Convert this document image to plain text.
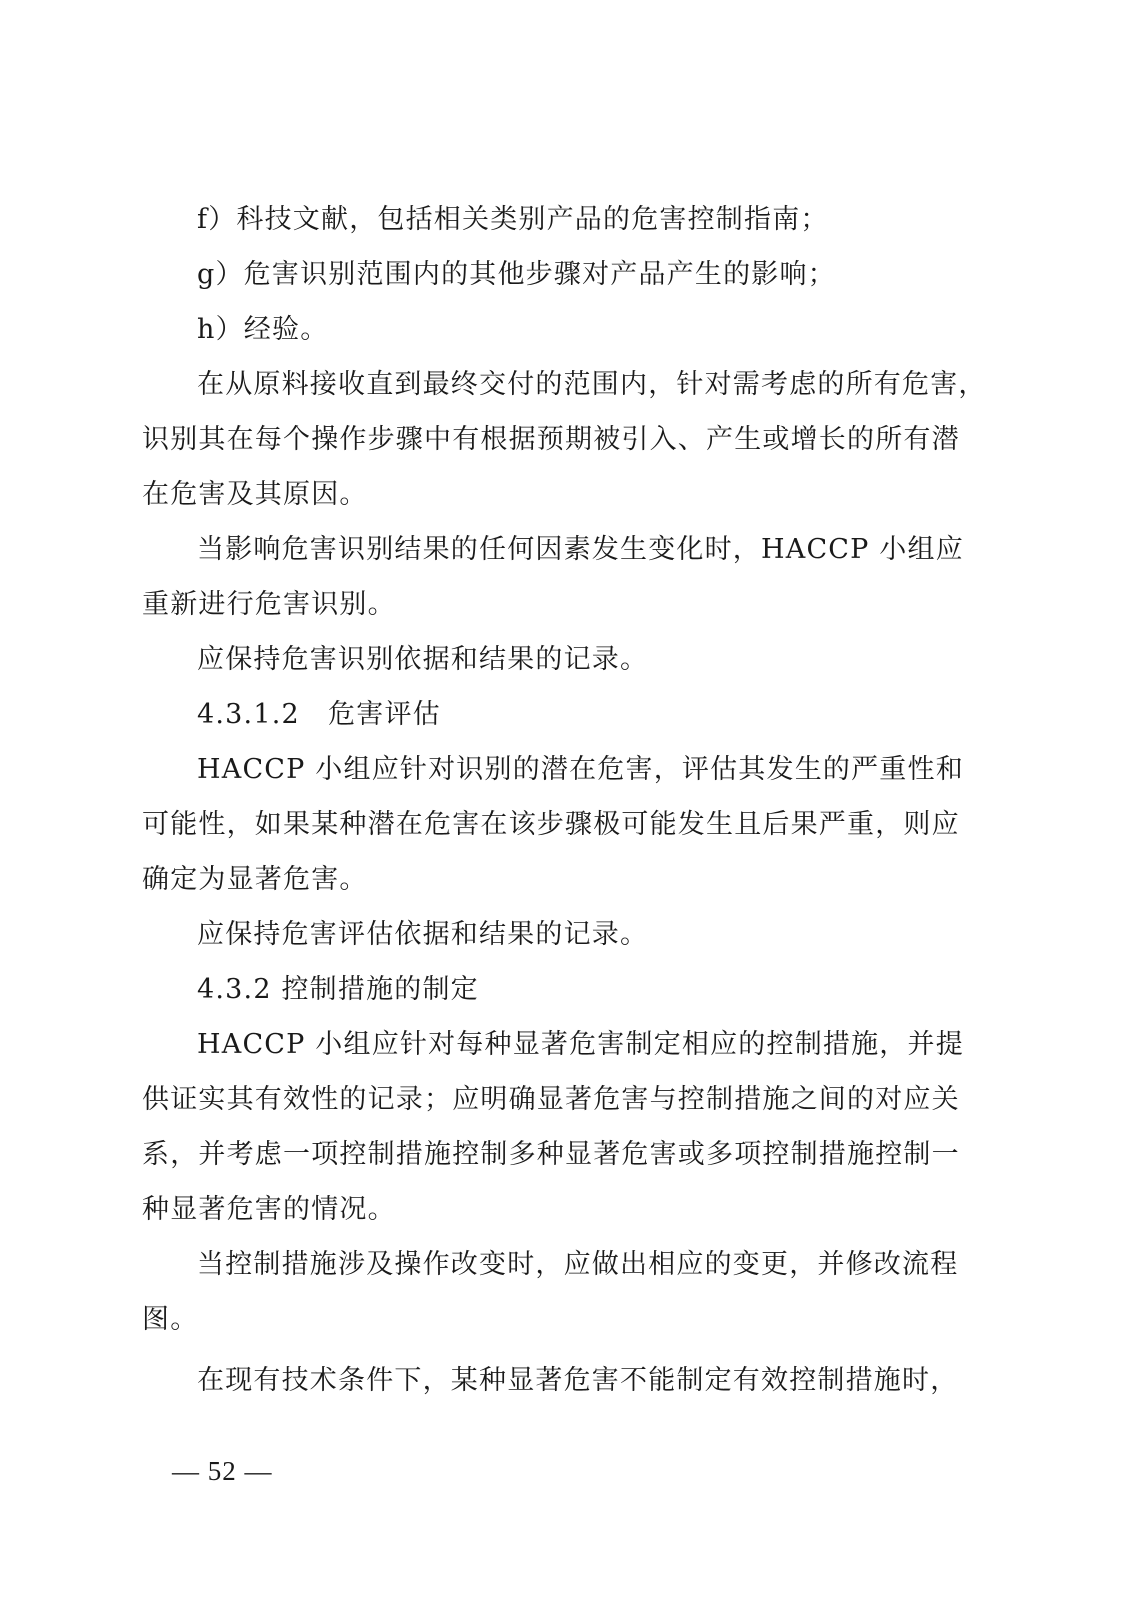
f）科技文献，包括相关类别产品的危害控制指南；
g）危害识别范围内的其他步骤对产品产生的影响；
h）经验。
在从原料接收直到最终交付的范围内，针对需考虑的所有危害，
识别其在每个操作步骤中有根据预期被引入、产生或增长的所有潜
在危害及其原因。
当影响危害识别结果的任何因素发生变化时，HACCP 小组应
重新进行危害识别。
应保持危害识别依据和结果的记录。
4.3.1.2　危害评估
HACCP 小组应针对识别的潜在危害，评估其发生的严重性和
可能性，如果某种潜在危害在该步骤极可能发生且后果严重，则应
确定为显著危害。
应保持危害评估依据和结果的记录。
4.3.2 控制措施的制定
HACCP 小组应针对每种显著危害制定相应的控制措施，并提
供证实其有效性的记录；应明确显著危害与控制措施之间的对应关
系，并考虑一项控制措施控制多种显著危害或多项控制措施控制一
种显著危害的情况。
当控制措施涉及操作改变时，应做出相应的变更，并修改流程
图。
在现有技术条件下，某种显著危害不能制定有效控制措施时，
— 52 —
